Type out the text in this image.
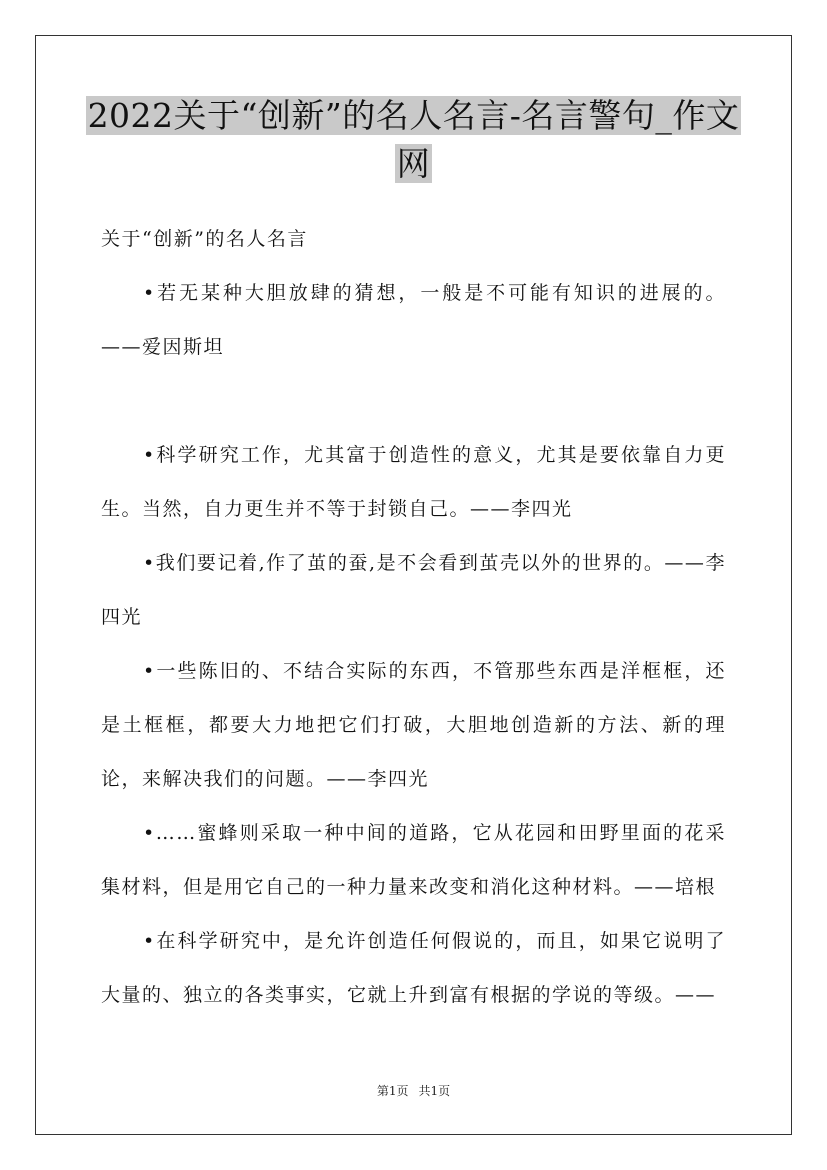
2022关于“创新”的名人名言-名言警句_作文
网

关于“创新”的名人名言

•若无某种大胆放肆的猜想，一般是不可能有知识的进展的。——爱因斯坦

•科学研究工作，尤其富于创造性的意义，尤其是要依靠自力更生。当然，自力更生并不等于封锁自己。——李四光

•我们要记着,作了茧的蚕,是不会看到茧壳以外的世界的。——李四光

•一些陈旧的、不结合实际的东西，不管那些东西是洋框框，还是土框框，都要大力地把它们打破，大胆地创造新的方法、新的理论，来解决我们的问题。——李四光

•……蜜蜂则采取一种中间的道路，它从花园和田野里面的花采集材料，但是用它自己的一种力量来改变和消化这种材料。——培根

•在科学研究中，是允许创造任何假说的，而且，如果它说明了大量的、独立的各类事实，它就上升到富有根据的学说的等级。——

第1页 共1页
